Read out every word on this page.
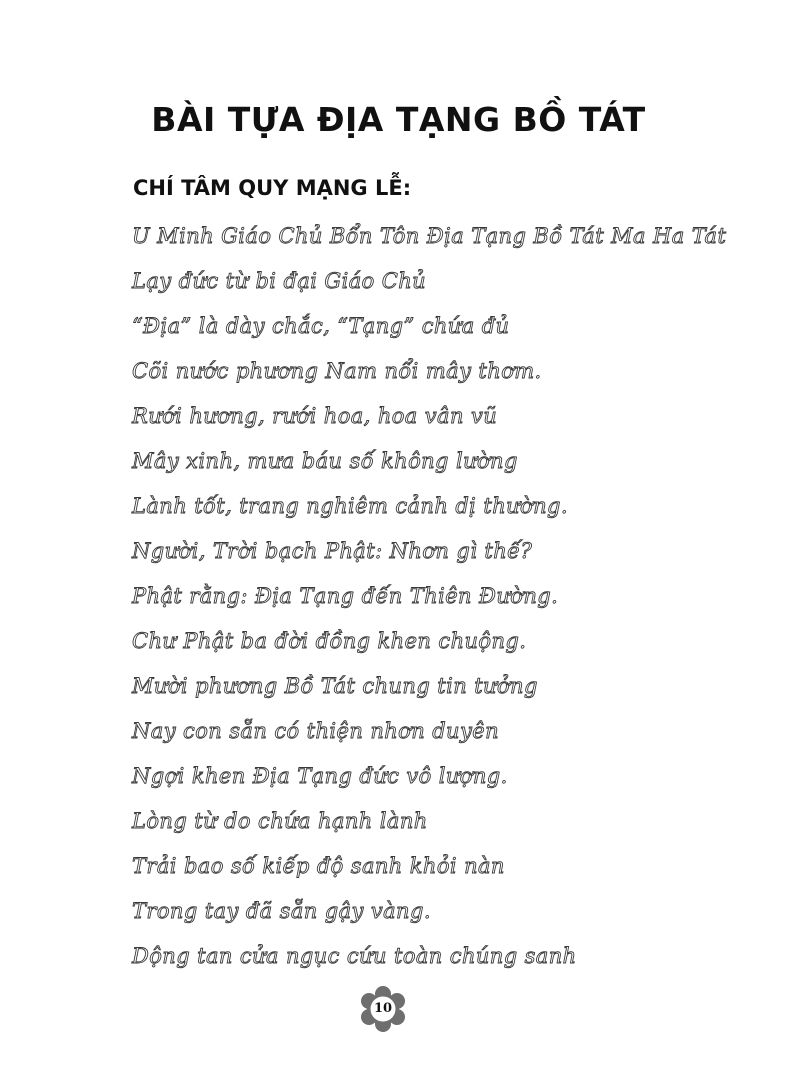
BÀI TỰA ĐỊA TẠNG BỒ TÁT
CHÍ TÂM QUY MẠNG LỄ:
U Minh Giáo Chủ Bổn Tôn Địa Tạng Bồ Tát Ma Ha Tát
Lạy đức từ bi đại Giáo Chủ
“Địa” là dày chắc, “Tạng” chứa đủ
Cõi nước phương Nam nổi mây thơm.
Rưới hương, rưới hoa, hoa vân vũ
Mây xinh, mưa báu số không lường
Lành tốt, trang nghiêm cảnh dị thường.
Người, Trời bạch Phật: Nhơn gì thế?
Phật rằng: Địa Tạng đến Thiên Đường.
Chư Phật ba đời đồng khen chuộng.
Mười phương Bồ Tát chung tin tưởng
Nay con sẵn có thiện nhơn duyên
Ngợi khen Địa Tạng đức vô lượng.
Lòng từ do chứa hạnh lành
Trải bao số kiếp độ sanh khỏi nàn
Trong tay đã sẵn gậy vàng.
Dộng tan cửa ngục cứu toàn chúng sanh
10
